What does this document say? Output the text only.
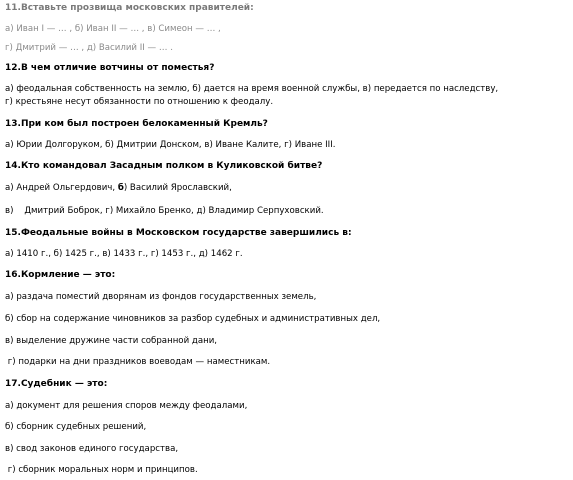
11.Вставьте прозвища московских правителей:
а) Иван I — … , б) Иван II — … , в) Симеон — … ,
г) Дмитрий — … , д) Василий II — … .
12.В чем отличие вотчины от поместья?
а) феодальная собственность на землю, б) дается на время военной службы, в) передается по наследству,
г) крестьяне несут обязанности по отношению к феодалу.
13.При ком был построен белокаменный Кремль?
а) Юрии Долгоруком, б) Дмитрии Донском, в) Иване Калите, г) Иване III.
14.Кто командовал Засадным полком в Куликовской битве?
а) Андрей Ольгердович, б) Василий Ярославский,
в)    Дмитрий Боброк, г) Михайло Бренко, д) Владимир Серпуховский.
15.Феодальные войны в Московском государстве завершились в:
а) 1410 г., б) 1425 г., в) 1433 г., г) 1453 г., д) 1462 г.
16.Кормление — это:
а) раздача поместий дворянам из фондов государственных земель,
б) сбор на содержание чиновников за разбор судебных и административных дел,
в) выделение дружине части собранной дани,
г) подарки на дни праздников воеводам — наместникам.
17.Судебник — это:
а) документ для решения споров между феодалами,
б) сборник судебных решений,
в) свод законов единого государства,
г) сборник моральных норм и принципов.
